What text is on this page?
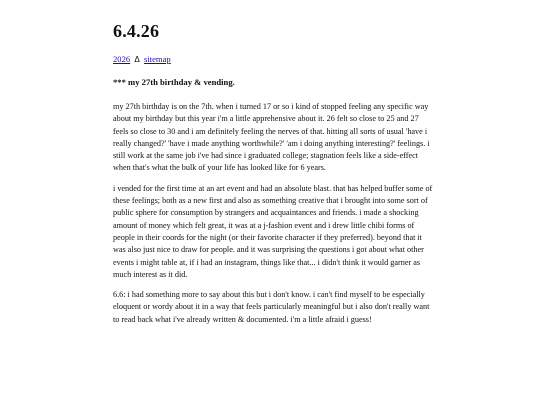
6.4.26
2026 Δ sitemap
*** my 27th birthday & vending.

my 27th birthday is on the 7th. when i turned 17 or so i kind of stopped feeling any specific way about my birthday but this year i'm a little apprehensive about it. 26 felt so close to 25 and 27 feels so close to 30 and i am definitely feeling the nerves of that. hitting all sorts of usual 'have i really changed?' 'have i made anything worthwhile?' 'am i doing anything interesting?' feelings. i still work at the same job i've had since i graduated college; stagnation feels like a side-effect when that's what the bulk of your life has looked like for 6 years.

i vended for the first time at an art event and had an absolute blast. that has helped buffer some of these feelings; both as a new first and also as something creative that i brought into some sort of public sphere for consumption by strangers and acquaintances and friends. i made a shocking amount of money which felt great, it was at a j-fashion event and i drew little chibi forms of people in their coords for the night (or their favorite character if they preferred). beyond that it was also just nice to draw for people. and it was surprising the questions i got about what other events i might table at, if i had an instagram, things like that... i didn't think it would garner as much interest as it did.

6.6: i had something more to say about this but i don't know. i can't find myself to be especially eloquent or wordy about it in a way that feels particularly meaningful but i also don't really want to read back what i've already written & documented. i'm a little afraid i guess!
